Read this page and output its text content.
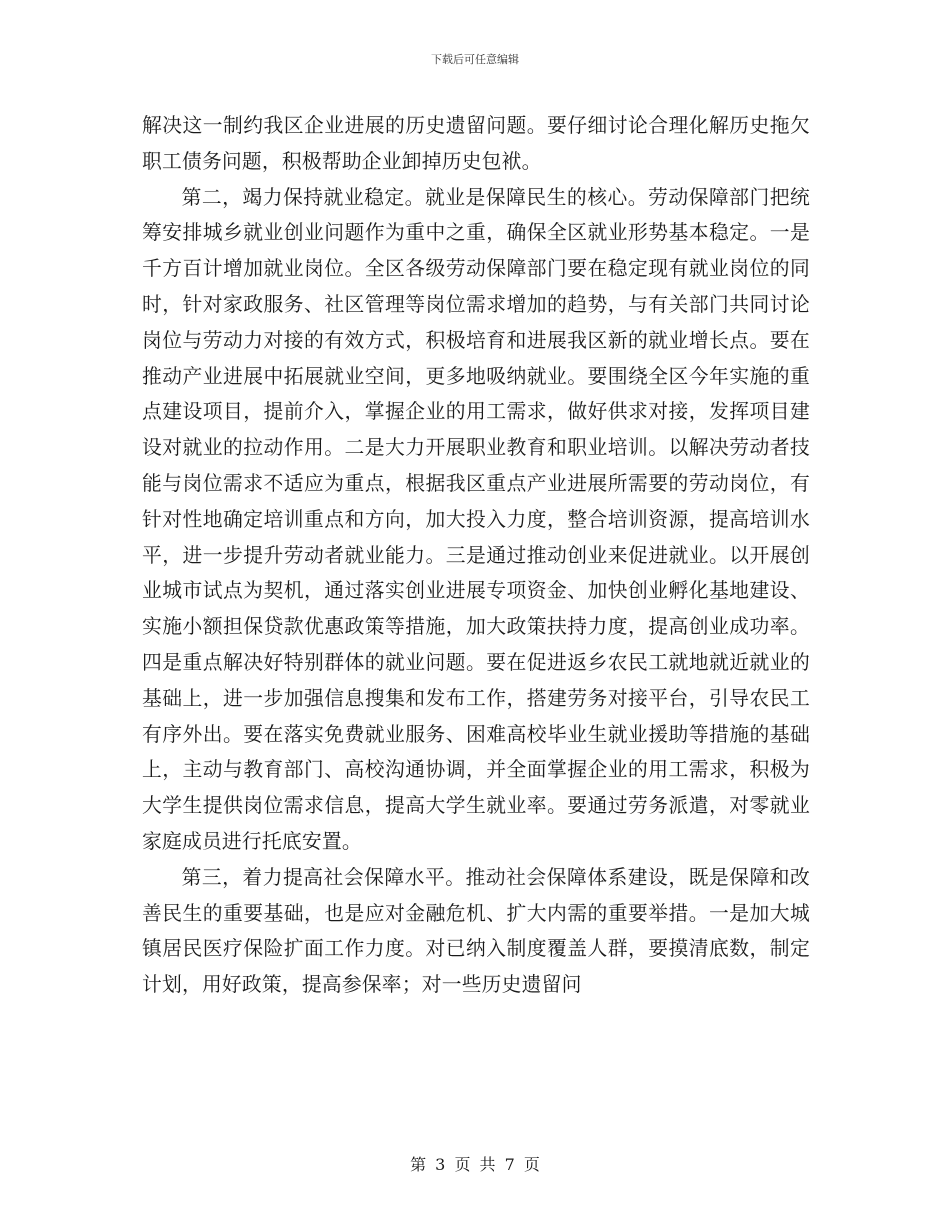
下载后可任意编辑

解决这一制约我区企业进展的历史遗留问题。要仔细讨论合理化解历史拖欠职工债务问题，积极帮助企业卸掉历史包袱。

第二，竭力保持就业稳定。就业是保障民生的核心。劳动保障部门把统筹安排城乡就业创业问题作为重中之重，确保全区就业形势基本稳定。一是千方百计增加就业岗位。全区各级劳动保障部门要在稳定现有就业岗位的同时，针对家政服务、社区管理等岗位需求增加的趋势，与有关部门共同讨论岗位与劳动力对接的有效方式，积极培育和进展我区新的就业增长点。要在推动产业进展中拓展就业空间，更多地吸纳就业。要围绕全区今年实施的重点建设项目，提前介入，掌握企业的用工需求，做好供求对接，发挥项目建设对就业的拉动作用。二是大力开展职业教育和职业培训。以解决劳动者技能与岗位需求不适应为重点，根据我区重点产业进展所需要的劳动岗位，有针对性地确定培训重点和方向，加大投入力度，整合培训资源，提高培训水平，进一步提升劳动者就业能力。三是通过推动创业来促进就业。以开展创业城市试点为契机，通过落实创业进展专项资金、加快创业孵化基地建设、实施小额担保贷款优惠政策等措施，加大政策扶持力度，提高创业成功率。四是重点解决好特别群体的就业问题。要在促进返乡农民工就地就近就业的基础上，进一步加强信息搜集和发布工作，搭建劳务对接平台，引导农民工有序外出。要在落实免费就业服务、困难高校毕业生就业援助等措施的基础上，主动与教育部门、高校沟通协调，并全面掌握企业的用工需求，积极为大学生提供岗位需求信息，提高大学生就业率。要通过劳务派遣，对零就业家庭成员进行托底安置。

第三，着力提高社会保障水平。推动社会保障体系建设，既是保障和改善民生的重要基础，也是应对金融危机、扩大内需的重要举措。一是加大城镇居民医疗保险扩面工作力度。对已纳入制度覆盖人群，要摸清底数，制定计划，用好政策，提高参保率；对一些历史遗留问

第 3 页 共 7 页
